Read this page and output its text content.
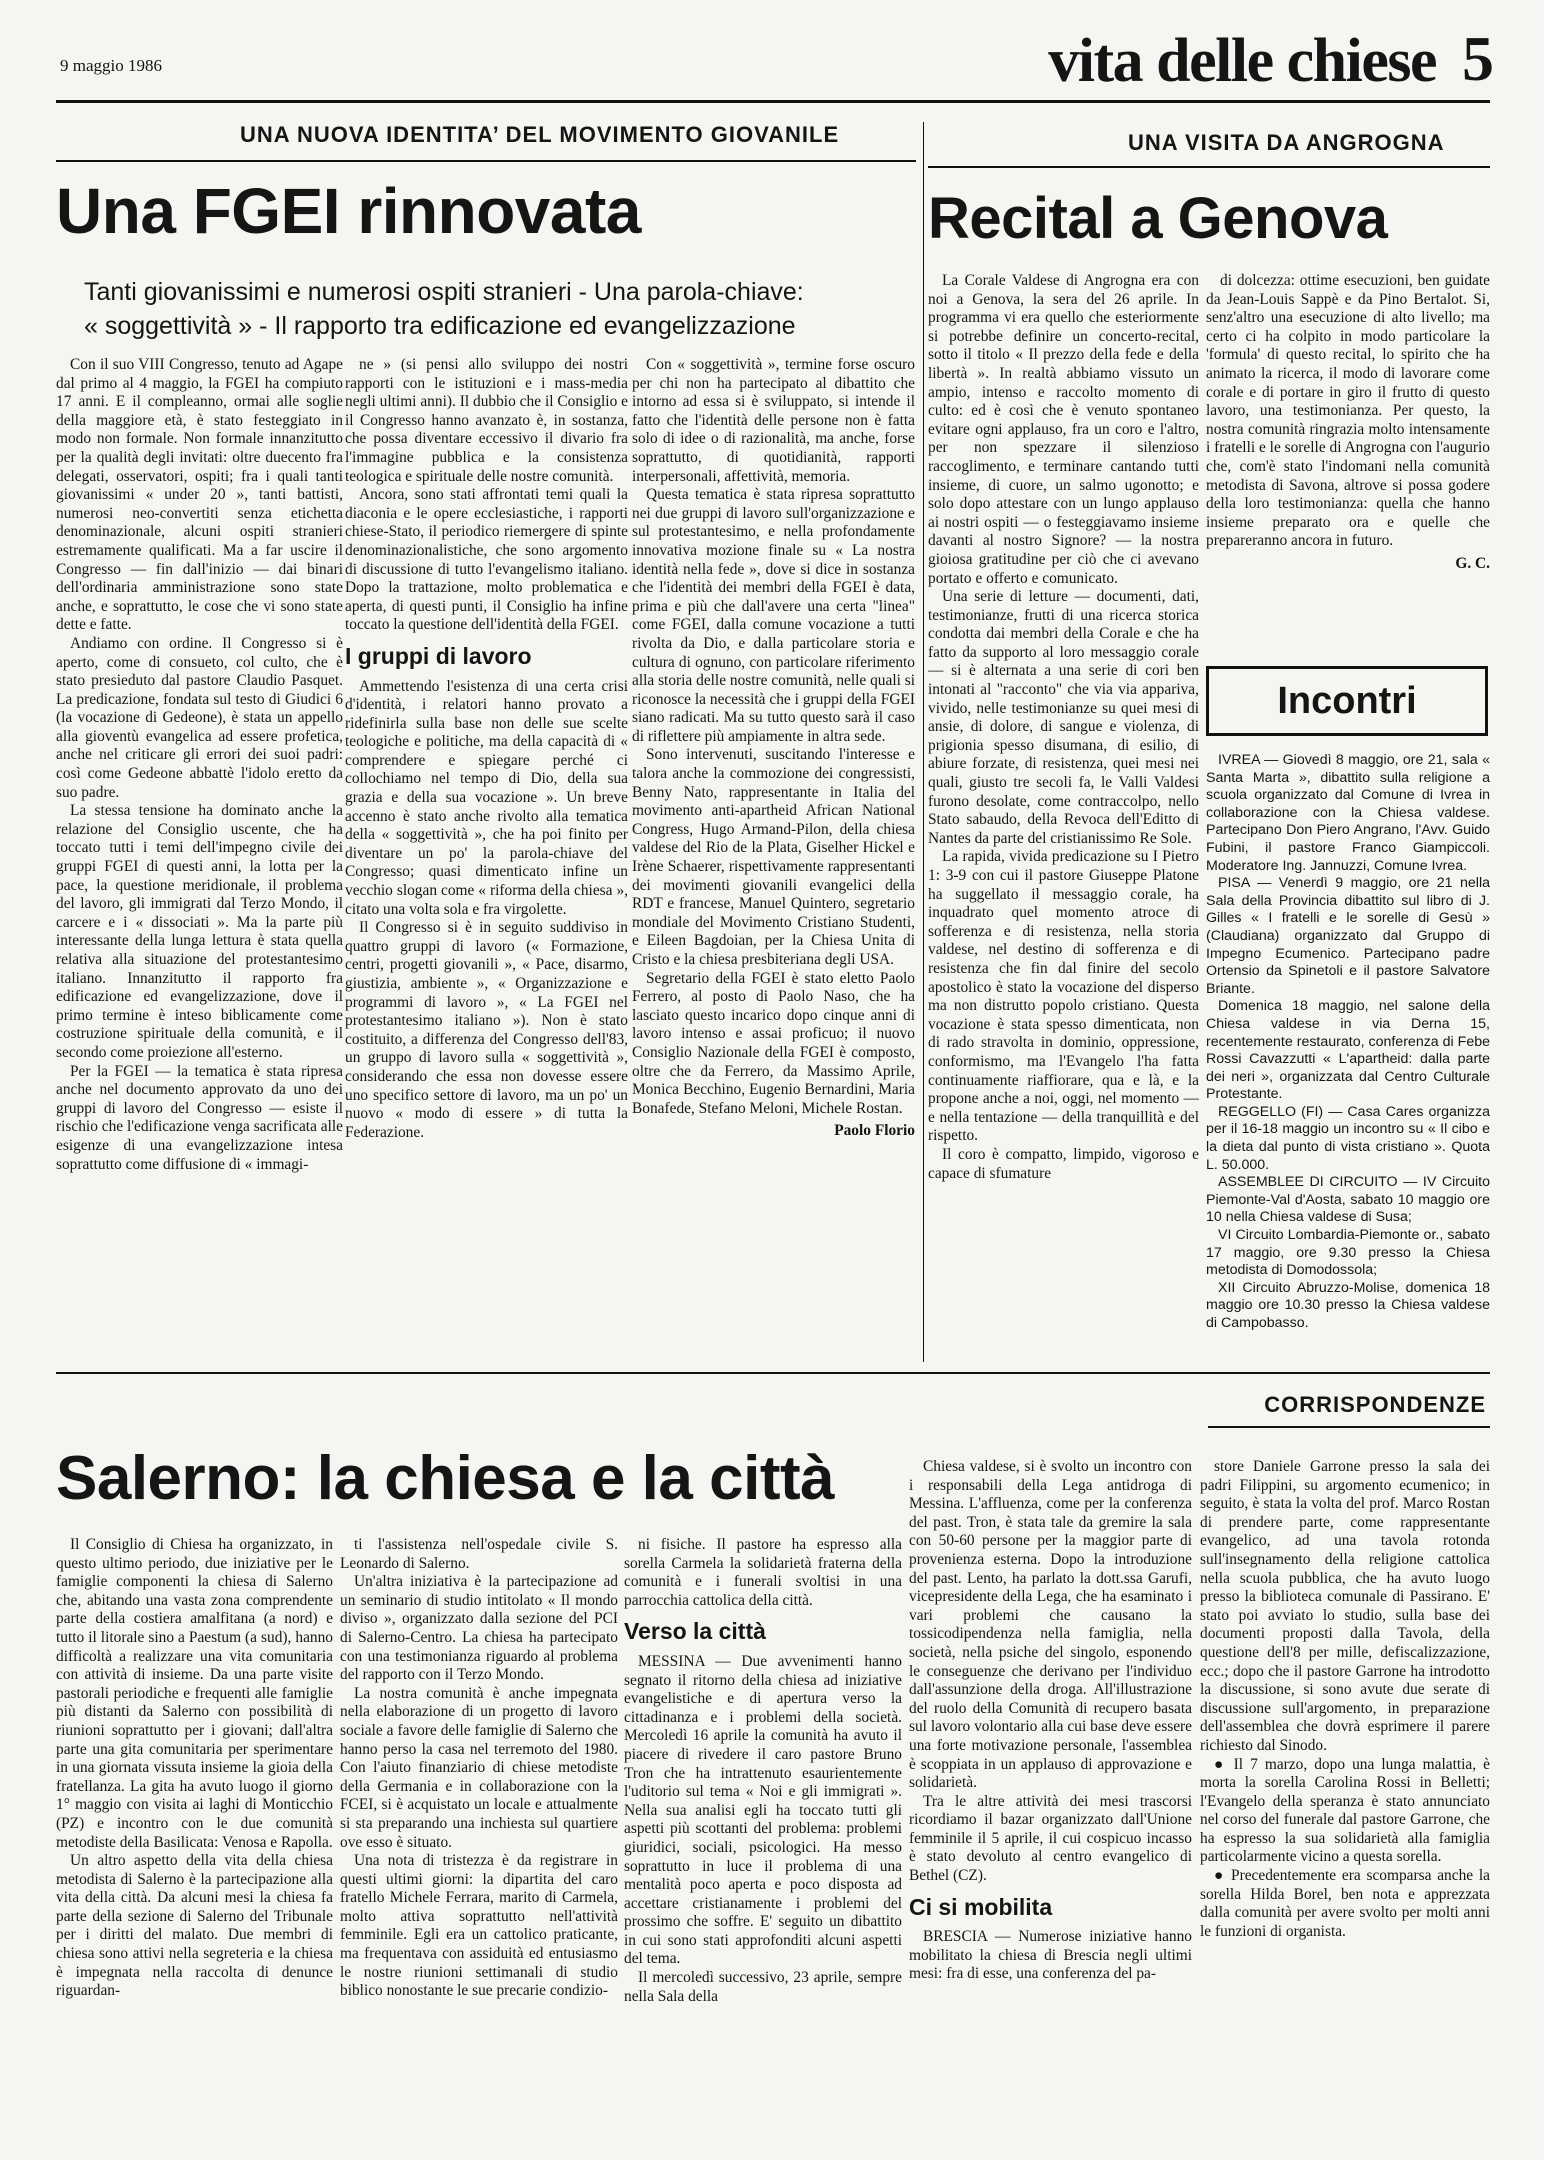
9 maggio 1986	vita delle chiese 5
UNA NUOVA IDENTITA’ DEL MOVIMENTO GIOVANILE
Una FGEI rinnovata
Tanti giovanissimi e numerosi ospiti stranieri - Una parola-chiave:
« soggettività » - Il rapporto tra edificazione ed evangelizzazione

Con il suo VIII Congresso, tenuto ad Agape dal primo al 4 maggio, la FGEI ha compiuto 17 anni. E il compleanno, ormai alle soglie della maggiore età, è stato festeggiato in modo non formale. Non formale innanzitutto per la qualità degli invitati: oltre duecento fra delegati, osservatori, ospiti; fra i quali tanti giovanissimi « under 20 », tanti battisti, numerosi neo-convertiti senza etichetta denominazionale, alcuni ospiti stranieri estremamente qualificati. Ma a far uscire il Congresso — fin dall'inizio — dai binari dell'ordinaria amministrazione sono state anche, e soprattutto, le cose che vi sono state dette e fatte.

Andiamo con ordine. Il Congresso si è aperto, come di consueto, col culto, che è stato presieduto dal pastore Claudio Pasquet. La predicazione, fondata sul testo di Giudici 6 (la vocazione di Gedeone), è stata un appello alla gioventù evangelica ad essere profetica, anche nel criticare gli errori dei suoi padri: così come Gedeone abbattè l'idolo eretto da suo padre.

La stessa tensione ha dominato anche la relazione del Consiglio uscente, che ha toccato tutti i temi dell'impegno civile dei gruppi FGEI di questi anni, la lotta per la pace, la questione meridionale, il problema del lavoro, gli immigrati dal Terzo Mondo, il carcere e i « dissociati ». Ma la parte più interessante della lunga lettura è stata quella relativa alla situazione del protestantesimo italiano. Innanzitutto il rapporto fra edificazione ed evangelizzazione, dove il primo termine è inteso biblicamente come costruzione spirituale della comunità, e il secondo come proiezione all'esterno.

Per la FGEI — la tematica è stata ripresa anche nel documento approvato da uno dei gruppi di lavoro del Congresso — esiste il rischio che l'edificazione venga sacrificata alle esigenze di una evangelizzazione intesa soprattutto come diffusione di « immagi-

ne » (si pensi allo sviluppo dei nostri rapporti con le istituzioni e i mass-media negli ultimi anni). Il dubbio che il Consiglio e il Congresso hanno avanzato è, in sostanza, che possa diventare eccessivo il divario fra l'immagine pubblica e la consistenza teologica e spirituale delle nostre comunità.

Ancora, sono stati affrontati temi quali la diaconia e le opere ecclesiastiche, i rapporti chiese-Stato, il periodico riemergere di spinte denominazionalistiche, che sono argomento di discussione di tutto l'evangelismo italiano. Dopo la trattazione, molto problematica e aperta, di questi punti, il Consiglio ha infine toccato la questione dell'identità della FGEI.

I gruppi di lavoro

Ammettendo l'esistenza di una certa crisi d'identità, i relatori hanno provato a ridefinirla sulla base non delle sue scelte teologiche e politiche, ma della capacità di « comprendere e spiegare perché ci collochiamo nel tempo di Dio, della sua grazia e della sua vocazione ». Un breve accenno è stato anche rivolto alla tematica della « soggettività », che ha poi finito per diventare un po' la parola-chiave del Congresso; quasi dimenticato infine un vecchio slogan come « riforma della chiesa », citato una volta sola e fra virgolette.

Il Congresso si è in seguito suddiviso in quattro gruppi di lavoro (« Formazione, centri, progetti giovanili », « Pace, disarmo, giustizia, ambiente », « Organizzazione e programmi di lavoro », « La FGEI nel protestantesimo italiano »). Non è stato costituito, a differenza del Congresso dell'83, un gruppo di lavoro sulla « soggettività », considerando che essa non dovesse essere uno specifico settore di lavoro, ma un po' un nuovo « modo di essere » di tutta la Federazione.

Con « soggettività », termine forse oscuro per chi non ha partecipato al dibattito che intorno ad essa si è sviluppato, si intende il fatto che l'identità delle persone non è fatta solo di idee o di razionalità, ma anche, forse soprattutto, di quotidianità, rapporti interpersonali, affettività, memoria.

Questa tematica è stata ripresa soprattutto nei due gruppi di lavoro sull'organizzazione e sul protestantesimo, e nella profondamente innovativa mozione finale su « La nostra identità nella fede », dove si dice in sostanza che l'identità dei membri della FGEI è data, prima e più che dall'avere una certa "linea" come FGEI, dalla comune vocazione a tutti rivolta da Dio, e dalla particolare storia e cultura di ognuno, con particolare riferimento alla storia delle nostre comunità, nelle quali si riconosce la necessità che i gruppi della FGEI siano radicati. Ma su tutto questo sarà il caso di riflettere più ampiamente in altra sede.

Sono intervenuti, suscitando l'interesse e talora anche la commozione dei congressisti, Benny Nato, rappresentante in Italia del movimento anti-apartheid African National Congress, Hugo Armand-Pilon, della chiesa valdese del Rio de la Plata, Giselher Hickel e Irène Schaerer, rispettivamente rappresentanti dei movimenti giovanili evangelici della RDT e francese, Manuel Quintero, segretario mondiale del Movimento Cristiano Studenti, e Eileen Bagdoian, per la Chiesa Unita di Cristo e la chiesa presbiteriana degli USA.

Segretario della FGEI è stato eletto Paolo Ferrero, al posto di Paolo Naso, che ha lasciato questo incarico dopo cinque anni di lavoro intenso e assai proficuo; il nuovo Consiglio Nazionale della FGEI è composto, oltre che da Ferrero, da Massimo Aprile, Monica Becchino, Eugenio Bernardini, Maria Bonafede, Stefano Meloni, Michele Rostan.

Paolo Florio
UNA VISITA DA ANGROGNA
Recital a Genova

La Corale Valdese di Angrogna era con noi a Genova, la sera del 26 aprile. In programma vi era quello che esteriormente si potrebbe definire un concerto-recital, sotto il titolo « Il prezzo della fede e della libertà ». In realtà abbiamo vissuto un ampio, intenso e raccolto momento di culto: ed è così che è venuto spontaneo evitare ogni applauso, fra un coro e l'altro, per non spezzare il silenzioso raccoglimento, e terminare cantando tutti insieme, di cuore, un salmo ugonotto; e solo dopo attestare con un lungo applauso ai nostri ospiti — o festeggiavamo insieme davanti al nostro Signore? — la nostra gioiosa gratitudine per ciò che ci avevano portato e offerto e comunicato.

Una serie di letture — documenti, dati, testimonianze, frutti di una ricerca storica condotta dai membri della Corale e che ha fatto da supporto al loro messaggio corale — si è alternata a una serie di cori ben intonati al "racconto" che via via appariva, vivido, nelle testimonianze su quei mesi di ansie, di dolore, di sangue e violenza, di prigionia spesso disumana, di esilio, di abiure forzate, di resistenza, quei mesi nei quali, giusto tre secoli fa, le Valli Valdesi furono desolate, come contraccolpo, nello Stato sabaudo, della Revoca dell'Editto di Nantes da parte del cristianissimo Re Sole.

La rapida, vivida predicazione su I Pietro 1: 3-9 con cui il pastore Giuseppe Platone ha suggellato il messaggio corale, ha inquadrato quel momento atroce di sofferenza e di resistenza, nella storia valdese, nel destino di sofferenza e di resistenza che fin dal finire del secolo apostolico è stato la vocazione del disperso ma non distrutto popolo cristiano. Questa vocazione è stata spesso dimenticata, non di rado stravolta in dominio, oppressione, conformismo, ma l'Evangelo l'ha fatta continuamente riaffiorare, qua e là, e la propone anche a noi, oggi, nel momento — e nella tentazione — della tranquillità e del rispetto.

Il coro è compatto, limpido, vigoroso e capace di sfumature

di dolcezza: ottime esecuzioni, ben guidate da Jean-Louis Sappè e da Pino Bertalot. Si, senz'altro una esecuzione di alto livello; ma certo ci ha colpito in modo particolare la 'formula' di questo recital, lo spirito che ha animato la ricerca, il modo di lavorare come corale e di portare in giro il frutto di questo lavoro, una testimonianza. Per questo, la nostra comunità ringrazia molto intensamente i fratelli e le sorelle di Angrogna con l'augurio che, com'è stato l'indomani nella comunità metodista di Savona, altrove si possa godere della loro testimonianza: quella che hanno insieme preparato ora e quelle che prepareranno ancora in futuro.

G. C.
Incontri

IVREA — Giovedì 8 maggio, ore 21, sala « Santa Marta », dibattito sulla religione a scuola organizzato dal Comune di Ivrea in collaborazione con la Chiesa valdese. Partecipano Don Piero Angrano, l'Avv. Guido Fubini, il pastore Franco Giampiccoli. Moderatore Ing. Jannuzzi, Comune Ivrea.

PISA — Venerdì 9 maggio, ore 21 nella Sala della Provincia dibattito sul libro di J. Gilles « I fratelli e le sorelle di Gesù » (Claudiana) organizzato dal Gruppo di Impegno Ecumenico. Partecipano padre Ortensio da Spinetoli e il pastore Salvatore Briante.

Domenica 18 maggio, nel salone della Chiesa valdese in via Derna 15, recentemente restaurato, conferenza di Febe Rossi Cavazzutti « L'apartheid: dalla parte dei neri », organizzata dal Centro Culturale Protestante.

REGGELLO (FI) — Casa Cares organizza per il 16-18 maggio un incontro su « Il cibo e la dieta dal punto di vista cristiano ». Quota L. 50.000.

ASSEMBLEE DI CIRCUITO — IV Circuito Piemonte-Val d'Aosta, sabato 10 maggio ore 10 nella Chiesa valdese di Susa;

VI Circuito Lombardia-Piemonte or., sabato 17 maggio, ore 9.30 presso la Chiesa metodista di Domodossola;

XII Circuito Abruzzo-Molise, domenica 18 maggio ore 10.30 presso la Chiesa valdese di Campobasso.

CORRISPONDENZE
Salerno: la chiesa e la città

Il Consiglio di Chiesa ha organizzato, in questo ultimo periodo, due iniziative per le famiglie componenti la chiesa di Salerno che, abitando una vasta zona comprendente parte della costiera amalfitana (a nord) e tutto il litorale sino a Paestum (a sud), hanno difficoltà a realizzare una vita comunitaria con attività di insieme. Da una parte visite pastorali periodiche e frequenti alle famiglie più distanti da Salerno con possibilità di riunioni soprattutto per i giovani; dall'altra parte una gita comunitaria per sperimentare in una giornata vissuta insieme la gioia della fratellanza. La gita ha avuto luogo il giorno 1° maggio con visita ai laghi di Monticchio (PZ) e incontro con le due comunità metodiste della Basilicata: Venosa e Rapolla.

Un altro aspetto della vita della chiesa metodista di Salerno è la partecipazione alla vita della città. Da alcuni mesi la chiesa fa parte della sezione di Salerno del Tribunale per i diritti del malato. Due membri di chiesa sono attivi nella segreteria e la chiesa è impegnata nella raccolta di denunce riguardan-

ti l'assistenza nell'ospedale civile S. Leonardo di Salerno.

Un'altra iniziativa è la partecipazione ad un seminario di studio intitolato « Il mondo diviso », organizzato dalla sezione del PCI di Salerno-Centro. La chiesa ha partecipato con una testimonianza riguardo al problema del rapporto con il Terzo Mondo.

La nostra comunità è anche impegnata nella elaborazione di un progetto di lavoro sociale a favore delle famiglie di Salerno che hanno perso la casa nel terremoto del 1980. Con l'aiuto finanziario di chiese metodiste della Germania e in collaborazione con la FCEI, si è acquistato un locale e attualmente si sta preparando una inchiesta sul quartiere ove esso è situato.

Una nota di tristezza è da registrare in questi ultimi giorni: la dipartita del caro fratello Michele Ferrara, marito di Carmela, molto attiva soprattutto nell'attività femminile. Egli era un cattolico praticante, ma frequentava con assiduità ed entusiasmo le nostre riunioni settimanali di studio biblico nonostante le sue precarie condizio-

ni fisiche. Il pastore ha espresso alla sorella Carmela la solidarietà fraterna della comunità e i funerali svoltisi in una parrocchia cattolica della città.

Verso la città

MESSINA — Due avvenimenti hanno segnato il ritorno della chiesa ad iniziative evangelistiche e di apertura verso la cittadinanza e i problemi della società. Mercoledì 16 aprile la comunità ha avuto il piacere di rivedere il caro pastore Bruno Tron che ha intrattenuto esaurientemente l'uditorio sul tema « Noi e gli immigrati ». Nella sua analisi egli ha toccato tutti gli aspetti più scottanti del problema: problemi giuridici, sociali, psicologici. Ha messo soprattutto in luce il problema di una mentalità poco aperta e poco disposta ad accettare cristianamente i problemi del prossimo che soffre. E' seguito un dibattito in cui sono stati approfonditi alcuni aspetti del tema.

Il mercoledì successivo, 23 aprile, sempre nella Sala della

Chiesa valdese, si è svolto un incontro con i responsabili della Lega antidroga di Messina. L'affluenza, come per la conferenza del past. Tron, è stata tale da gremire la sala con 50-60 persone per la maggior parte di provenienza esterna. Dopo la introduzione del past. Lento, ha parlato la dott.ssa Garufi, vicepresidente della Lega, che ha esaminato i vari problemi che causano la tossicodipendenza nella famiglia, nella società, nella psiche del singolo, esponendo le conseguenze che derivano per l'individuo dall'assunzione della droga. All'illustrazione del ruolo della Comunità di recupero basata sul lavoro volontario alla cui base deve essere una forte motivazione personale, l'assemblea è scoppiata in un applauso di approvazione e solidarietà.

Tra le altre attività dei mesi trascorsi ricordiamo il bazar organizzato dall'Unione femminile il 5 aprile, il cui cospicuo incasso è stato devoluto al centro evangelico di Bethel (CZ).

Ci si mobilita

BRESCIA — Numerose iniziative hanno mobilitato la chiesa di Brescia negli ultimi mesi: fra di esse, una conferenza del pa-

store Daniele Garrone presso la sala dei padri Filippini, su argomento ecumenico; in seguito, è stata la volta del prof. Marco Rostan di prendere parte, come rappresentante evangelico, ad una tavola rotonda sull'insegnamento della religione cattolica nella scuola pubblica, che ha avuto luogo presso la biblioteca comunale di Passirano. E' stato poi avviato lo studio, sulla base dei documenti proposti dalla Tavola, della questione dell'8 per mille, defiscalizzazione, ecc.; dopo che il pastore Garrone ha introdotto la discussione, si sono avute due serate di discussione sull'argomento, in preparazione dell'assemblea che dovrà esprimere il parere richiesto dal Sinodo.

● Il 7 marzo, dopo una lunga malattia, è morta la sorella Carolina Rossi in Belletti; l'Evangelo della speranza è stato annunciato nel corso del funerale dal pastore Garrone, che ha espresso la sua solidarietà alla famiglia particolarmente vicino a questa sorella.

● Precedentemente era scomparsa anche la sorella Hilda Borel, ben nota e apprezzata dalla comunità per avere svolto per molti anni le funzioni di organista.
